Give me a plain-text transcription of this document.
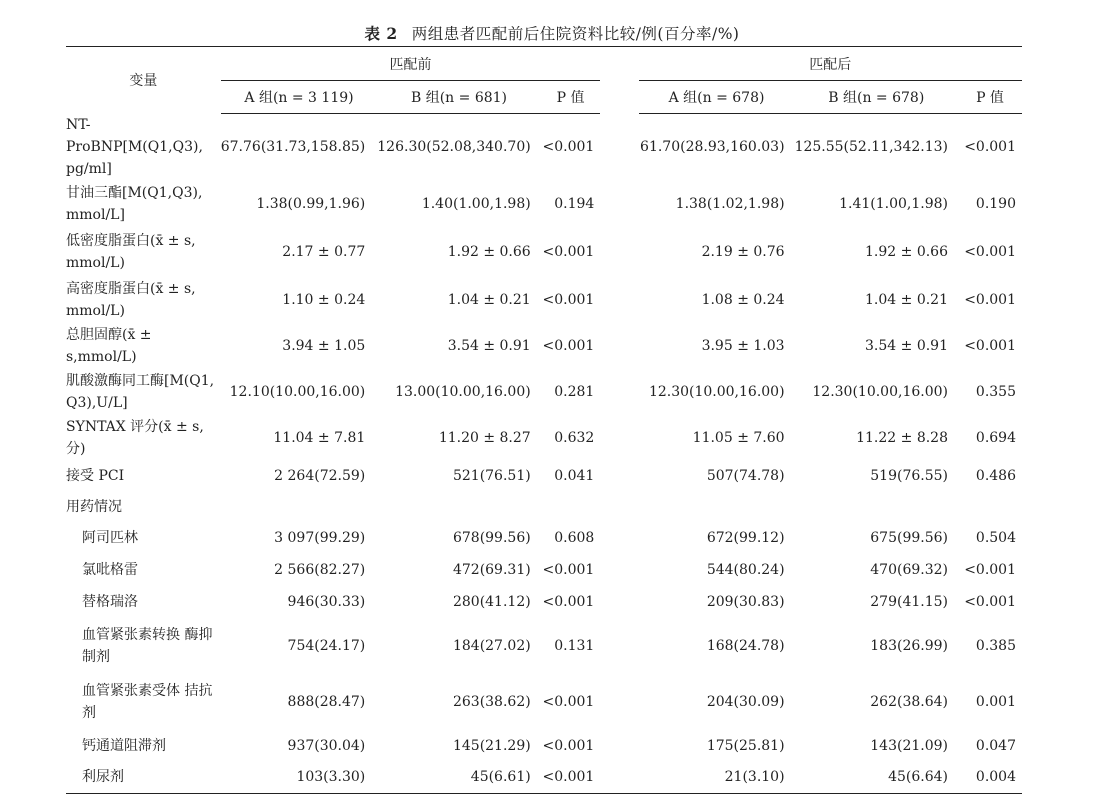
表 2 两组患者匹配前后住院资料比较/例(百分率/%)
变量	匹配前				匹配后		
	A 组(n = 3 119)	B 组(n = 681)	P 值		A 组(n = 678)	B 组(n = 678)	P 值
NT-ProBNP[M(Q1,Q3), pg/ml]	67.76(31.73,158.85)	126.30(52.08,340.70)	<0.001		61.70(28.93,160.03)	125.55(52.11,342.13)	<0.001
甘油三酯[M(Q1,Q3), mmol/L]	1.38(0.99,1.96)	1.40(1.00,1.98)	0.194		1.38(1.02,1.98)	1.41(1.00,1.98)	0.190
低密度脂蛋白(x̄ ± s, mmol/L)	2.17 ± 0.77	1.92 ± 0.66	<0.001		2.19 ± 0.76	1.92 ± 0.66	<0.001
高密度脂蛋白(x̄ ± s, mmol/L)	1.10 ± 0.24	1.04 ± 0.21	<0.001		1.08 ± 0.24	1.04 ± 0.21	<0.001
总胆固醇(x̄ ± s,mmol/L)	3.94 ± 1.05	3.54 ± 0.91	<0.001		3.95 ± 1.03	3.54 ± 0.91	<0.001
肌酸激酶同工酶[M(Q1, Q3),U/L]	12.10(10.00,16.00)	13.00(10.00,16.00)	0.281		12.30(10.00,16.00)	12.30(10.00,16.00)	0.355
SYNTAX 评分(x̄ ± s,分)	11.04 ± 7.81	11.20 ± 8.27	0.632		11.05 ± 7.60	11.22 ± 8.28	0.694
接受 PCI	2 264(72.59)	521(76.51)	0.041		507(74.78)	519(76.55)	0.486
用药情况							
阿司匹林	3 097(99.29)	678(99.56)	0.608		672(99.12)	675(99.56)	0.504
氯吡格雷	2 566(82.27)	472(69.31)	<0.001		544(80.24)	470(69.32)	<0.001
替格瑞洛	946(30.33)	280(41.12)	<0.001		209(30.83)	279(41.15)	<0.001
血管紧张素转换 酶抑制剂	754(24.17)	184(27.02)	0.131		168(24.78)	183(26.99)	0.385
血管紧张素受体 拮抗剂	888(28.47)	263(38.62)	<0.001		204(30.09)	262(38.64)	0.001
钙通道阻滞剂	937(30.04)	145(21.29)	<0.001		175(25.81)	143(21.09)	0.047
利尿剂	103(3.30)	45(6.61)	<0.001		21(3.10)	45(6.64)	0.004
